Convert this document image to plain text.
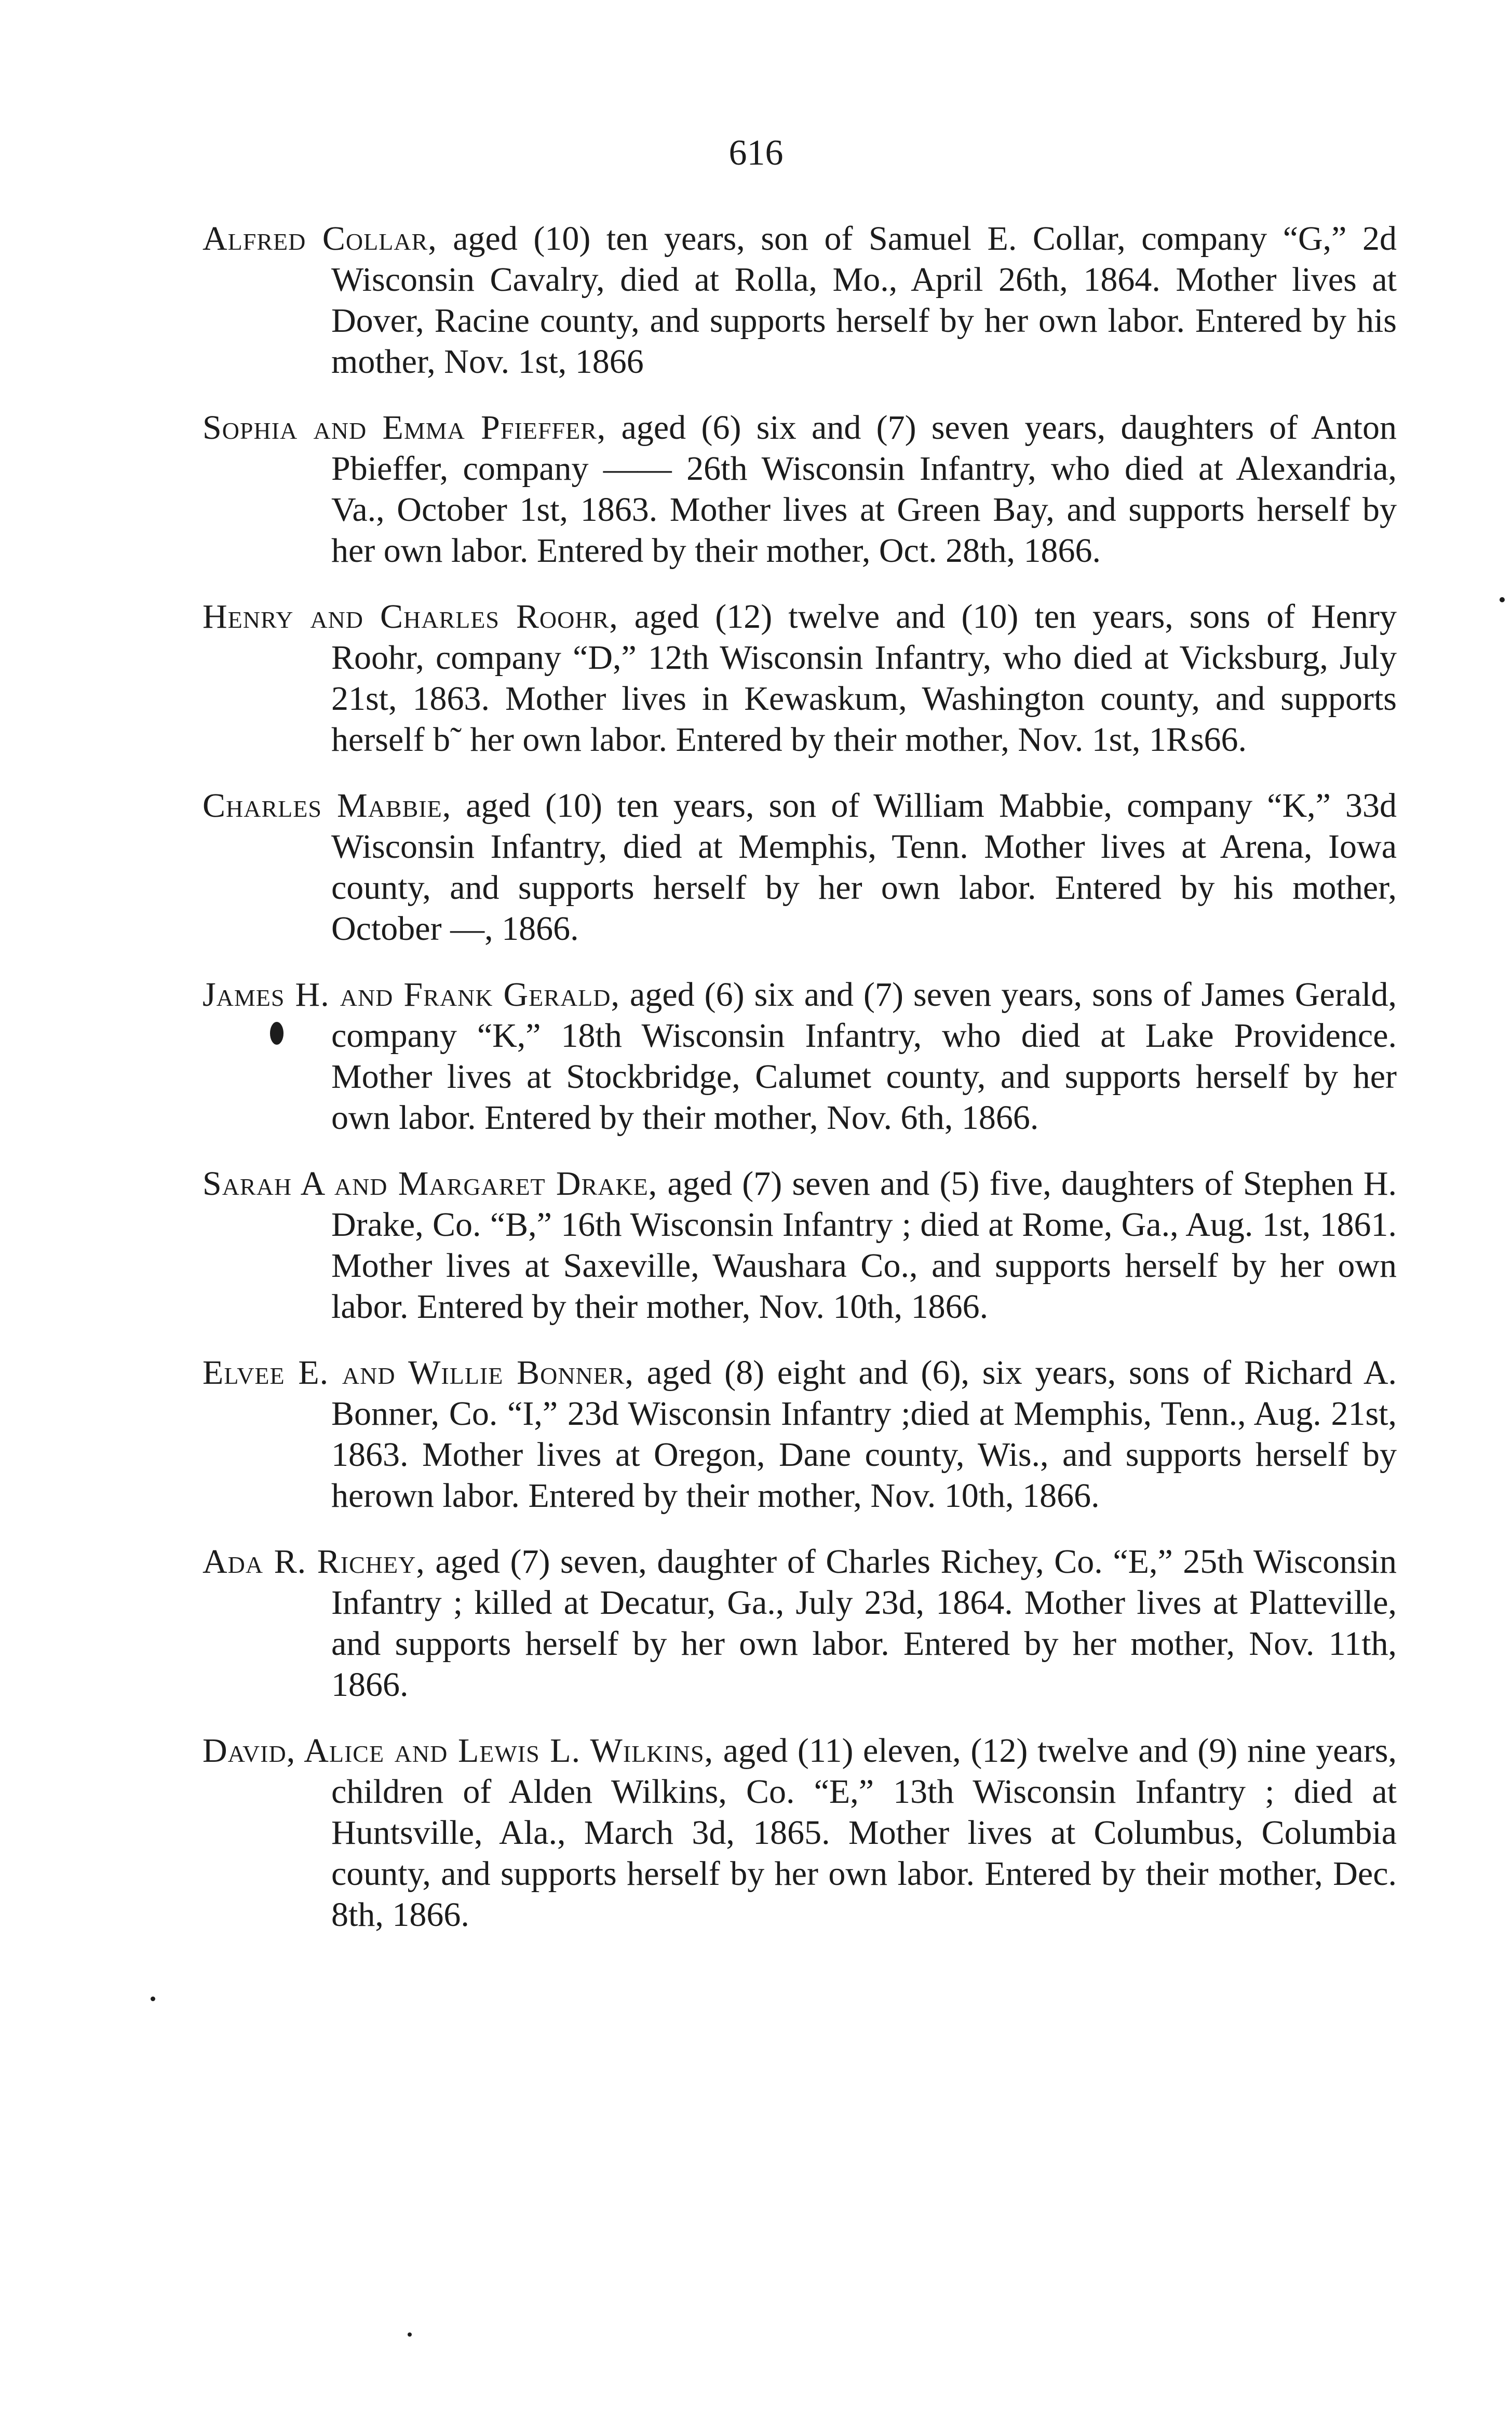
616

Alfred Collar, aged (10) ten years, son of Samuel E. Collar, company “G,” 2d Wisconsin Cavalry, died at Rolla, Mo., April 26th, 1864. Mother lives at Dover, Racine county, and supports herself by her own labor. Entered by his mother, Nov. 1st, 1866

Sophia and Emma Pfieffer, aged (6) six and (7) seven years, daughters of Anton Pbieffer, company —— 26th Wisconsin Infantry, who died at Alexandria, Va., October 1st, 1863. Mother lives at Green Bay, and supports herself by her own labor. Entered by their mother, Oct. 28th, 1866.

Henry and Charles Roohr, aged (12) twelve and (10) ten years, sons of Henry Roohr, company “D,” 12th Wisconsin Infantry, who died at Vicksburg, July 21st, 1863. Mother lives in Kewaskum, Washington county, and supports herself b˜ her own labor. Entered by their mother, Nov. 1st, 1₨66.

Charles Mabbie, aged (10) ten years, son of William Mabbie, company “K,” 33d Wisconsin Infantry, died at Memphis, Tenn. Mother lives at Arena, Iowa county, and supports herself by her own labor. Entered by his mother, October —, 1866.

James H. and Frank Gerald, aged (6) six and (7) seven years, sons of James Gerald, company “K,” 18th Wisconsin Infantry, who died at Lake Providence. Mother lives at Stockbridge, Calumet county, and supports herself by her own labor. Entered by their mother, Nov. 6th, 1866.

Sarah A and Margaret Drake, aged (7) seven and (5) five, daughters of Stephen H. Drake, Co. “B,” 16th Wisconsin Infantry ; died at Rome, Ga., Aug. 1st, 1861. Mother lives at Saxeville, Waushara Co., and supports herself by her own labor. Entered by their mother, Nov. 10th, 1866.

Elvee E. and Willie Bonner, aged (8) eight and (6), six years, sons of Richard A. Bonner, Co. “I,” 23d Wisconsin Infantry ;died at Memphis, Tenn., Aug. 21st, 1863. Mother lives at Oregon, Dane county, Wis., and supports herself by herown labor. Entered by their mother, Nov. 10th, 1866.

Ada R. Richey, aged (7) seven, daughter of Charles Richey, Co. “E,” 25th Wisconsin Infantry ; killed at Decatur, Ga., July 23d, 1864. Mother lives at Platteville, and supports herself by her own labor. Entered by her mother, Nov. 11th, 1866.

David, Alice and Lewis L. Wilkins, aged (11) eleven, (12) twelve and (9) nine years, children of Alden Wilkins, Co. “E,” 13th Wisconsin Infantry ; died at Huntsville, Ala., March 3d, 1865. Mother lives at Columbus, Columbia county, and supports herself by her own labor. Entered by their mother, Dec. 8th, 1866.
